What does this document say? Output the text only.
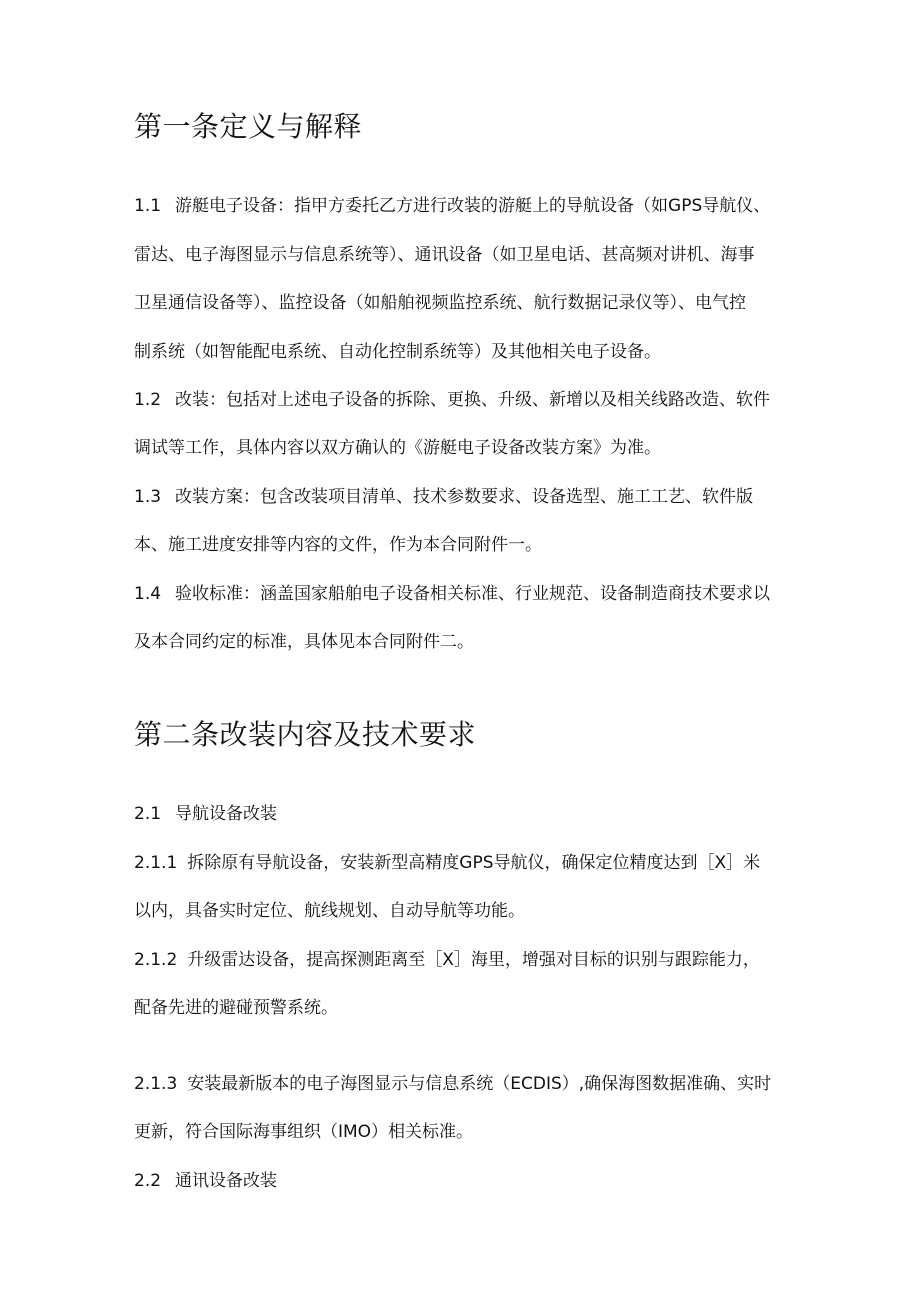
第一条定义与解释

1.1 游艇电子设备：指甲方委托乙方进行改装的游艇上的导航设备（如GPS导航仪、

雷达、电子海图显示与信息系统等）、通讯设备（如卫星电话、甚高频对讲机、海事

卫星通信设备等）、监控设备（如船舶视频监控系统、航行数据记录仪等）、电气控

制系统（如智能配电系统、自动化控制系统等）及其他相关电子设备。

1.2 改装：包括对上述电子设备的拆除、更换、升级、新增以及相关线路改造、软件

调试等工作，具体内容以双方确认的《游艇电子设备改装方案》为准。

1.3 改装方案：包含改装项目清单、技术参数要求、设备选型、施工工艺、软件版

本、施工进度安排等内容的文件，作为本合同附件一。

1.4 验收标准：涵盖国家船舶电子设备相关标准、行业规范、设备制造商技术要求以

及本合同约定的标准，具体见本合同附件二。

第二条改装内容及技术要求

2.1 导航设备改装

2.1.1 拆除原有导航设备，安装新型高精度GPS导航仪，确保定位精度达到［X］米

以内，具备实时定位、航线规划、自动导航等功能。

2.1.2 升级雷达设备，提高探测距离至［X］海里，增强对目标的识别与跟踪能力，

配备先进的避碰预警系统。

2.1.3 安装最新版本的电子海图显示与信息系统（ECDIS）,确保海图数据准确、实时

更新，符合国际海事组织（IMO）相关标准。

2.2 通讯设备改装
